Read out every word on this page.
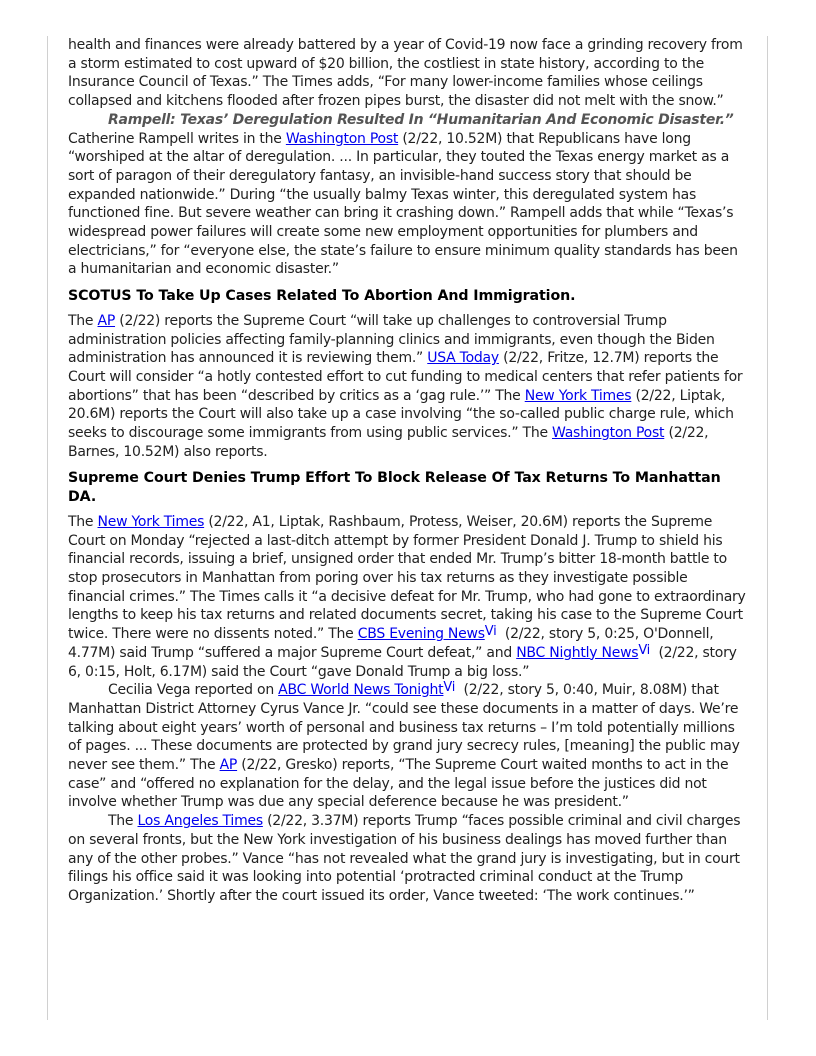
health and finances were already battered by a year of Covid-19 now face a grinding recovery from a storm estimated to cost upward of $20 billion, the costliest in state history, according to the Insurance Council of Texas.” The Times adds, “For many lower-income families whose ceilings collapsed and kitchens flooded after frozen pipes burst, the disaster did not melt with the snow.”

Rampell: Texas’ Deregulation Resulted In “Humanitarian And Economic Disaster.”   Catherine Rampell writes in the Washington Post (2/22, 10.52M) that Republicans have long “worshiped at the altar of deregulation. ... In particular, they touted the Texas energy market as a sort of paragon of their deregulatory fantasy, an invisible-hand success story that should be expanded nationwide.” During “the usually balmy Texas winter, this deregulated system has functioned fine. But severe weather can bring it crashing down.” Rampell adds that while “Texas’s widespread power failures will create some new employment opportunities for plumbers and electricians,” for “everyone else, the state’s failure to ensure minimum quality standards has been a humanitarian and economic disaster.”

SCOTUS To Take Up Cases Related To Abortion And Immigration.

The AP (2/22) reports the Supreme Court “will take up challenges to controversial Trump administration policies affecting family-planning clinics and immigrants, even though the Biden administration has announced it is reviewing them.” USA Today (2/22, Fritze, 12.7M) reports the Court will consider “a hotly contested effort to cut funding to medical centers that refer patients for abortions” that has been “described by critics as a ‘gag rule.’” The New York Times (2/22, Liptak, 20.6M) reports the Court will also take up a case involving “the so-called public charge rule, which seeks to discourage some immigrants from using public services.” The Washington Post (2/22, Barnes, 10.52M) also reports.

Supreme Court Denies Trump Effort To Block Release Of Tax Returns To Manhattan DA.

The New York Times (2/22, A1, Liptak, Rashbaum, Protess, Weiser, 20.6M) reports the Supreme Court on Monday “rejected a last-ditch attempt by former President Donald J. Trump to shield his financial records, issuing a brief, unsigned order that ended Mr. Trump’s bitter 18-month battle to stop prosecutors in Manhattan from poring over his tax returns as they investigate possible financial crimes.” The Times calls it “a decisive defeat for Mr. Trump, who had gone to extraordinary lengths to keep his tax returns and related documents secret, taking his case to the Supreme Court twice. There were no dissents noted.” The CBS Evening News$^{Vi}$  (2/22, story 5, 0:25, O'Donnell, 4.77M) said Trump “suffered a major Supreme Court defeat,” and NBC Nightly News$^{Vi}$  (2/22, story 6, 0:15, Holt, 6.17M) said the Court “gave Donald Trump a big loss.”

Cecilia Vega reported on ABC World News Tonight$^{Vi}$  (2/22, story 5, 0:40, Muir, 8.08M) that Manhattan District Attorney Cyrus Vance Jr. “could see these documents in a matter of days. We’re talking about eight years’ worth of personal and business tax returns – I’m told potentially millions of pages. ... These documents are protected by grand jury secrecy rules, [meaning] the public may never see them.” The AP (2/22, Gresko) reports, “The Supreme Court waited months to act in the case” and “offered no explanation for the delay, and the legal issue before the justices did not involve whether Trump was due any special deference because he was president.”

The Los Angeles Times (2/22, 3.37M) reports Trump “faces possible criminal and civil charges on several fronts, but the New York investigation of his business dealings has moved further than any of the other probes.” Vance “has not revealed what the grand jury is investigating, but in court filings his office said it was looking into potential ‘protracted criminal conduct at the Trump Organization.’ Shortly after the court issued its order, Vance tweeted: ‘The work continues.’”
